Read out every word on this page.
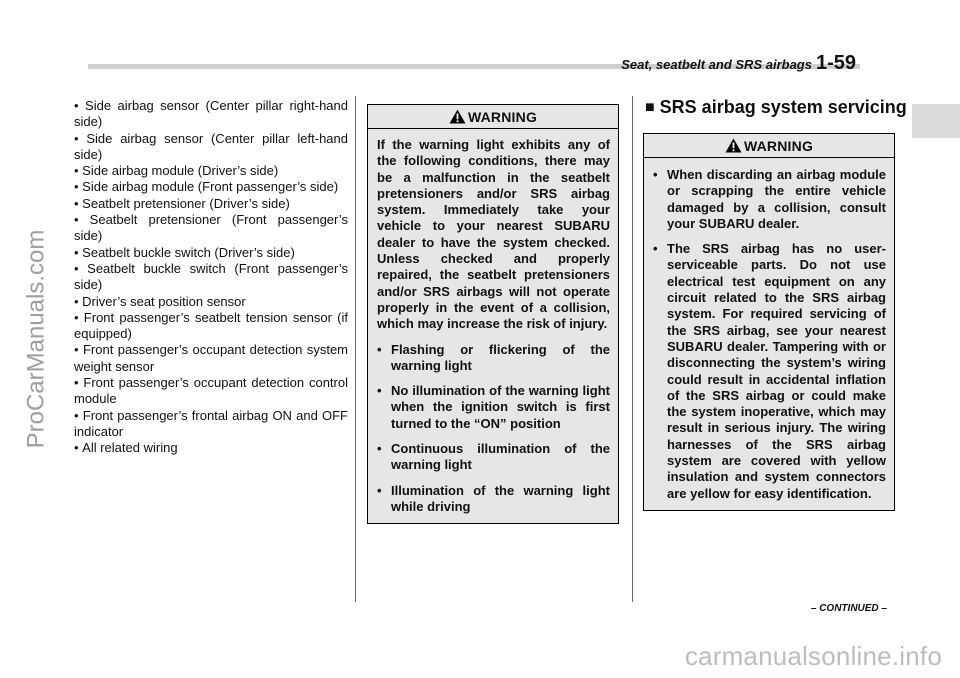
ProCarManuals.com
Seat, seatbelt and SRS airbags 1-59
• Side airbag sensor (Center pillar right-hand side)
• Side airbag sensor (Center pillar left-hand side)
• Side airbag module (Driver’s side)
• Side airbag module (Front passenger’s side)
• Seatbelt pretensioner (Driver’s side)
• Seatbelt pretensioner (Front passenger’s side)
• Seatbelt buckle switch (Driver’s side)
• Seatbelt buckle switch (Front passenger’s side)
• Driver’s seat position sensor
• Front passenger’s seatbelt tension sensor (if equipped)
• Front passenger’s occupant detection system weight sensor
• Front passenger’s occupant detection control module
• Front passenger’s frontal airbag ON and OFF indicator
• All related wiring
WARNING
If the warning light exhibits any of the following conditions, there may be a malfunction in the seatbelt pretensioners and/or SRS airbag system. Immediately take your vehicle to your nearest SUBARU dealer to have the system checked. Unless checked and properly repaired, the seatbelt pretensioners and/or SRS airbags will not operate properly in the event of a collision, which may increase the risk of injury.
• Flashing or flickering of the warning light
• No illumination of the warning light when the ignition switch is first turned to the “ON” position
• Continuous illumination of the warning light
• Illumination of the warning light while driving
■ SRS airbag system servicing
WARNING
• When discarding an airbag module or scrapping the entire vehicle damaged by a collision, consult your SUBARU dealer.
• The SRS airbag has no user-serviceable parts. Do not use electrical test equipment on any circuit related to the SRS airbag system. For required servicing of the SRS airbag, see your nearest SUBARU dealer. Tampering with or disconnecting the system’s wiring could result in accidental inflation of the SRS airbag or could make the system inoperative, which may result in serious injury. The wiring harnesses of the SRS airbag system are covered with yellow insulation and system connectors are yellow for easy identification.
– CONTINUED –
carmanualsonline.info
